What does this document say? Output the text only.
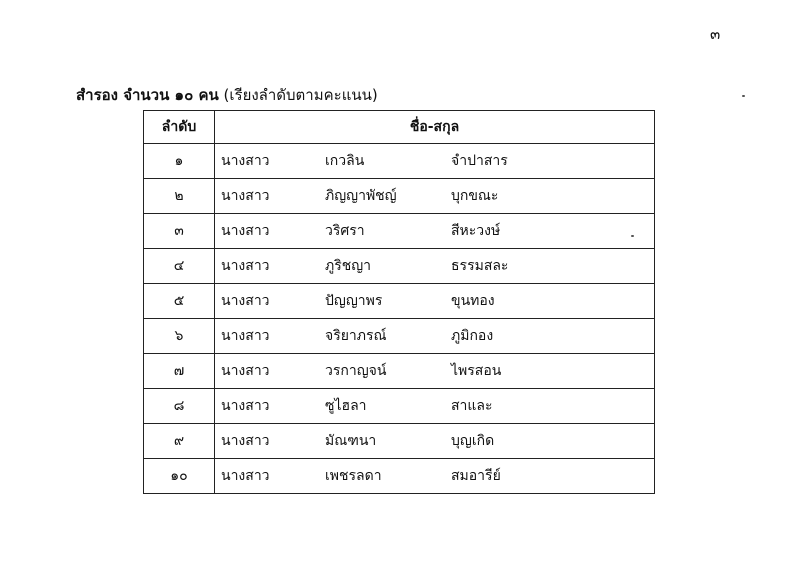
๓
สำรอง จำนวน ๑๐ คน (เรียงลำดับตามคะแนน)
ลำดับ	ชื่อ-สกุล
๑	นางสาว เกวลิน จำปาสาร
๒	นางสาว ภิญญาพัชญ์ บุกขณะ
๓	นางสาว วริศรา สีหะวงษ์
๔	นางสาว ภูริชญา ธรรมสละ
๕	นางสาว ปัญญาพร ขุนทอง
๖	นางสาว จริยาภรณ์ ภูมิกอง
๗	นางสาว วรกาญจน์ ไพรสอน
๘	นางสาว ซูไฮลา สาและ
๙	นางสาว มัณฑนา บุญเกิด
๑๐	นางสาว เพชรลดา สมอารีย์
